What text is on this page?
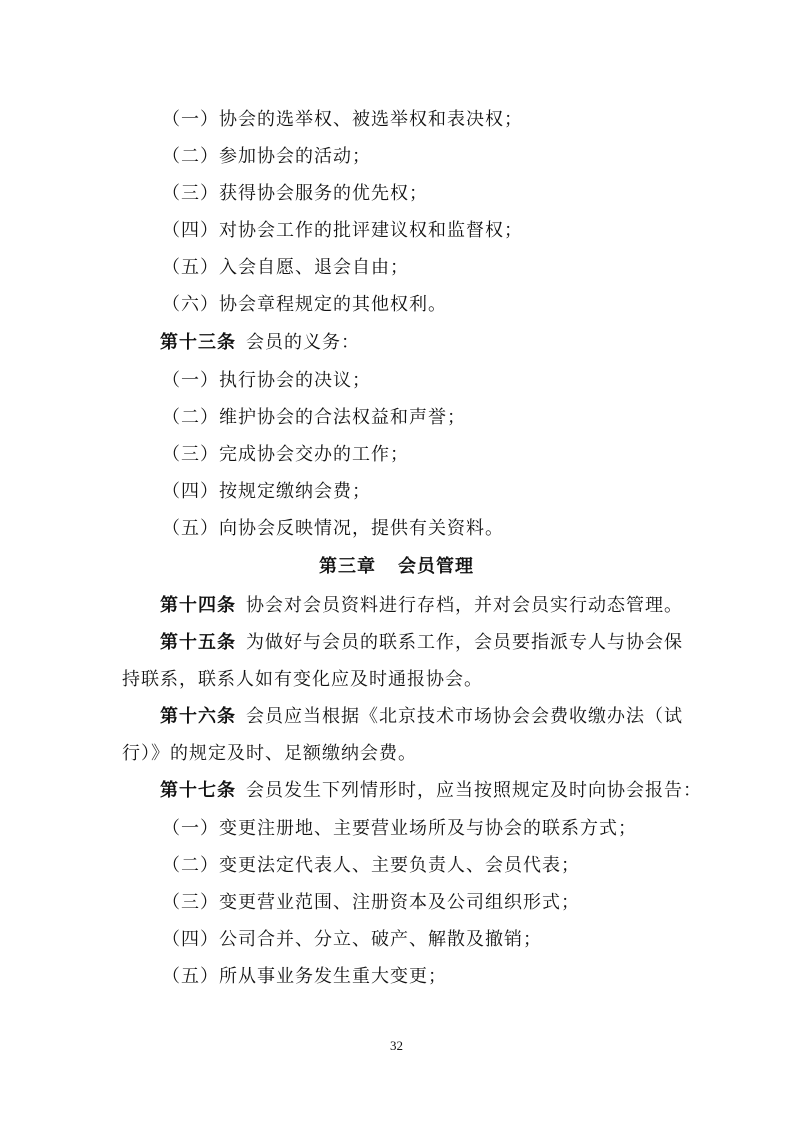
（一）协会的选举权、被选举权和表决权；
（二）参加协会的活动；
（三）获得协会服务的优先权；
（四）对协会工作的批评建议权和监督权；
（五）入会自愿、退会自由；
（六）协会章程规定的其他权利。
第十三条 会员的义务：
（一）执行协会的决议；
（二）维护协会的合法权益和声誉；
（三）完成协会交办的工作；
（四）按规定缴纳会费；
（五）向协会反映情况，提供有关资料。
第三章 会员管理
第十四条 协会对会员资料进行存档，并对会员实行动态管理。
第十五条 为做好与会员的联系工作，会员要指派专人与协会保
持联系，联系人如有变化应及时通报协会。
第十六条 会员应当根据《北京技术市场协会会费收缴办法（试
行）》的规定及时、足额缴纳会费。
第十七条 会员发生下列情形时，应当按照规定及时向协会报告：
（一）变更注册地、主要营业场所及与协会的联系方式；
（二）变更法定代表人、主要负责人、会员代表；
（三）变更营业范围、注册资本及公司组织形式；
（四）公司合并、分立、破产、解散及撤销；
（五）所从事业务发生重大变更；
32
